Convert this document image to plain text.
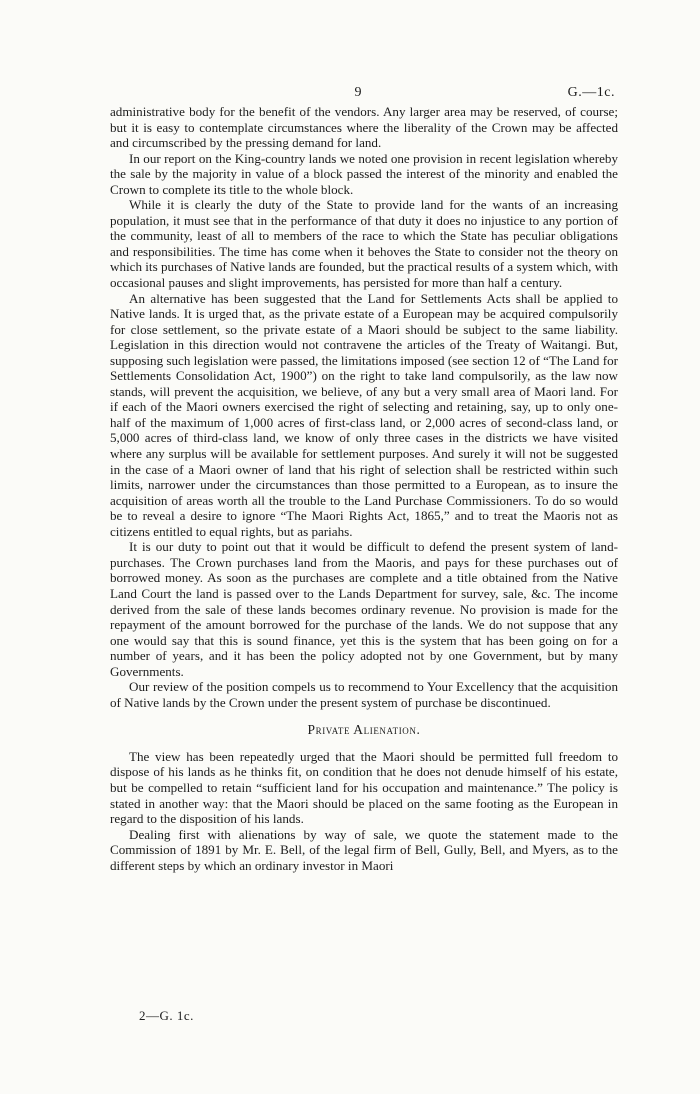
9	G.—1c.

administrative body for the benefit of the vendors. Any larger area may be reserved, of course; but it is easy to contemplate circumstances where the liberality of the Crown may be affected and circumscribed by the pressing demand for land.

In our report on the King-country lands we noted one provision in recent legislation whereby the sale by the majority in value of a block passed the interest of the minority and enabled the Crown to complete its title to the whole block.

While it is clearly the duty of the State to provide land for the wants of an increasing population, it must see that in the performance of that duty it does no injustice to any portion of the community, least of all to members of the race to which the State has peculiar obligations and responsibilities. The time has come when it behoves the State to consider not the theory on which its purchases of Native lands are founded, but the practical results of a system which, with occasional pauses and slight improvements, has persisted for more than half a century.

An alternative has been suggested that the Land for Settlements Acts shall be applied to Native lands. It is urged that, as the private estate of a European may be acquired compulsorily for close settlement, so the private estate of a Maori should be subject to the same liability. Legislation in this direction would not contravene the articles of the Treaty of Waitangi. But, supposing such legislation were passed, the limitations imposed (see section 12 of “The Land for Settlements Consolidation Act, 1900”) on the right to take land compulsorily, as the law now stands, will prevent the acquisition, we believe, of any but a very small area of Maori land. For if each of the Maori owners exercised the right of selecting and retaining, say, up to only one-half of the maximum of 1,000 acres of first-class land, or 2,000 acres of second-class land, or 5,000 acres of third-class land, we know of only three cases in the districts we have visited where any surplus will be available for settlement purposes. And surely it will not be suggested in the case of a Maori owner of land that his right of selection shall be restricted within such limits, narrower under the circumstances than those permitted to a European, as to insure the acquisition of areas worth all the trouble to the Land Purchase Commissioners. To do so would be to reveal a desire to ignore “The Maori Rights Act, 1865,” and to treat the Maoris not as citizens entitled to equal rights, but as pariahs.

It is our duty to point out that it would be difficult to defend the present system of land-purchases. The Crown purchases land from the Maoris, and pays for these purchases out of borrowed money. As soon as the purchases are complete and a title obtained from the Native Land Court the land is passed over to the Lands Department for survey, sale, &c. The income derived from the sale of these lands becomes ordinary revenue. No provision is made for the repayment of the amount borrowed for the purchase of the lands. We do not suppose that any one would say that this is sound finance, yet this is the system that has been going on for a number of years, and it has been the policy adopted not by one Government, but by many Governments.

Our review of the position compels us to recommend to Your Excellency that the acquisition of Native lands by the Crown under the present system of purchase be discontinued.

Private Alienation.

The view has been repeatedly urged that the Maori should be permitted full freedom to dispose of his lands as he thinks fit, on condition that he does not denude himself of his estate, but be compelled to retain “sufficient land for his occupation and maintenance.” The policy is stated in another way: that the Maori should be placed on the same footing as the European in regard to the disposition of his lands.

Dealing first with alienations by way of sale, we quote the statement made to the Commission of 1891 by Mr. E. Bell, of the legal firm of Bell, Gully, Bell, and Myers, as to the different steps by which an ordinary investor in Maori

2—G. 1c.
